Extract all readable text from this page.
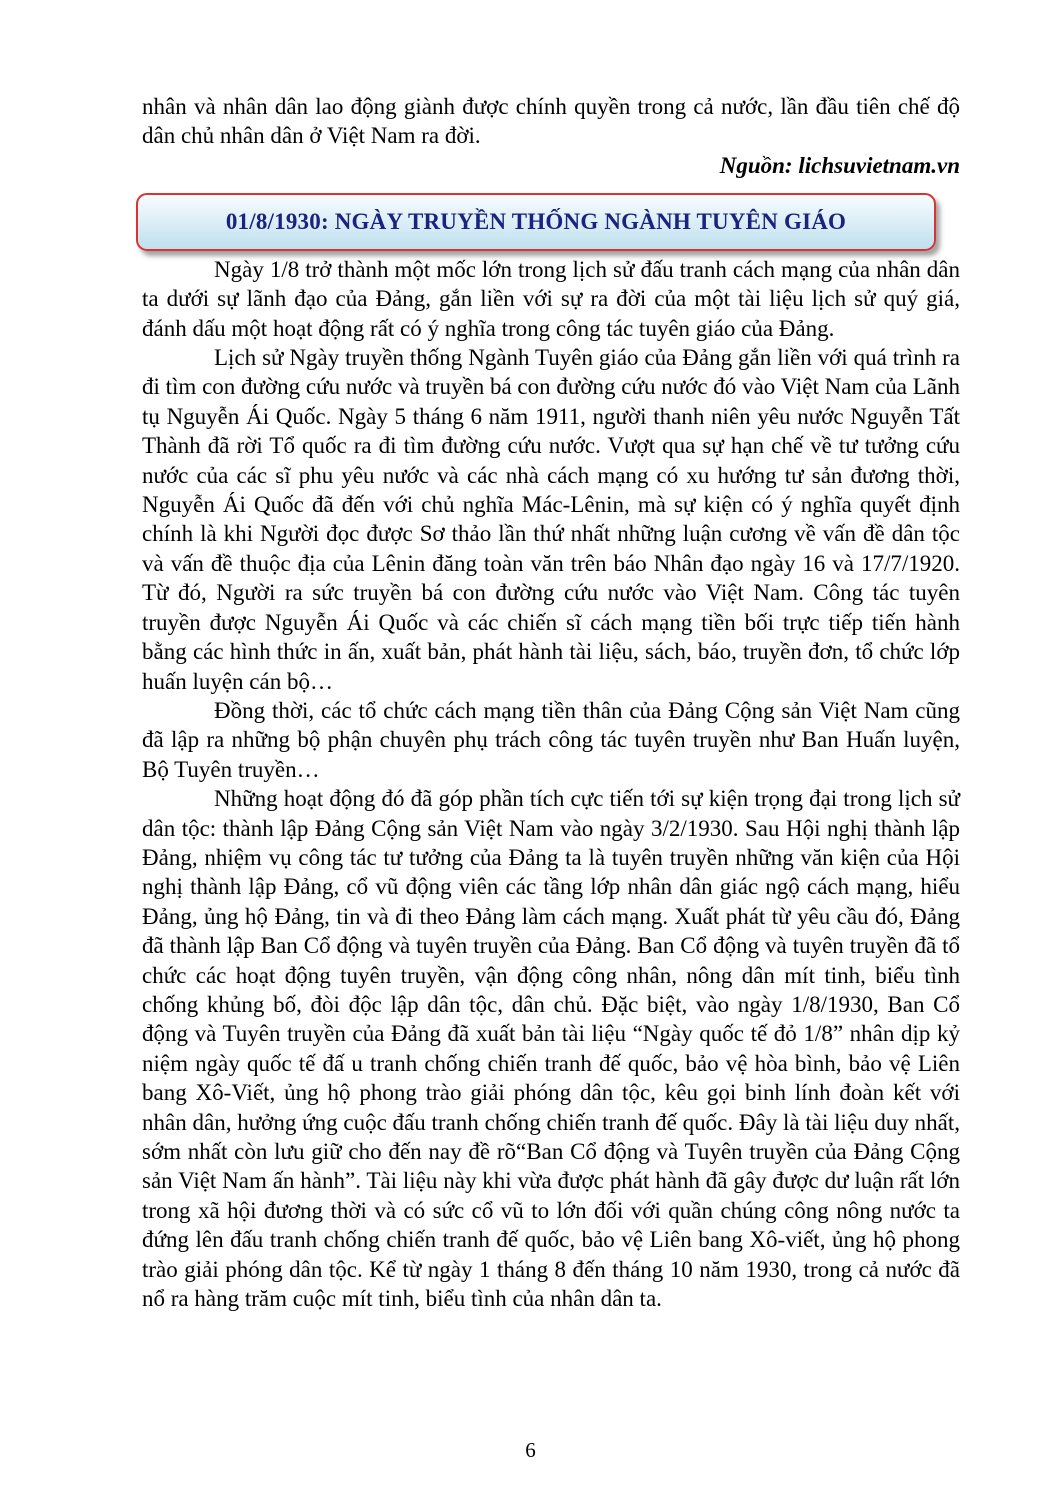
nhân và nhân dân lao động giành được chính quyền trong cả nước, lần đầu tiên chế độ dân chủ nhân dân ở Việt Nam ra đời.

Nguồn: lichsuvietnam.vn

01/8/1930: NGÀY TRUYỀN THỐNG NGÀNH TUYÊN GIÁO

Ngày 1/8 trở thành một mốc lớn trong lịch sử đấu tranh cách mạng của nhân dân ta dưới sự lãnh đạo của Đảng, gắn liền với sự ra đời của một tài liệu lịch sử quý giá, đánh dấu một hoạt động rất có ý nghĩa trong công tác tuyên giáo của Đảng.

Lịch sử Ngày truyền thống Ngành Tuyên giáo của Đảng gắn liền với quá trình ra đi tìm con đường cứu nước và truyền bá con đường cứu nước đó vào Việt Nam của Lãnh tụ Nguyễn Ái Quốc. Ngày 5 tháng 6 năm 1911, người thanh niên yêu nước Nguyễn Tất Thành đã rời Tổ quốc ra đi tìm đường cứu nước. Vượt qua sự hạn chế về tư tưởng cứu nước của các sĩ phu yêu nước và các nhà cách mạng có xu hướng tư sản đương thời, Nguyễn Ái Quốc đã đến với chủ nghĩa Mác-Lênin, mà sự kiện có ý nghĩa quyết định chính là khi Người đọc được Sơ thảo lần thứ nhất những luận cương về vấn đề dân tộc và vấn đề thuộc địa của Lênin đăng toàn văn trên báo Nhân đạo ngày 16 và 17/7/1920. Từ đó, Người ra sức truyền bá con đường cứu nước vào Việt Nam. Công tác tuyên truyền được Nguyễn Ái Quốc và các chiến sĩ cách mạng tiền bối trực tiếp tiến hành bằng các hình thức in ấn, xuất bản, phát hành tài liệu, sách, báo, truyền đơn, tổ chức lớp huấn luyện cán bộ…

Đồng thời, các tổ chức cách mạng tiền thân của Đảng Cộng sản Việt Nam cũng đã lập ra những bộ phận chuyên phụ trách công tác tuyên truyền như Ban Huấn luyện, Bộ Tuyên truyền…

Những hoạt động đó đã góp phần tích cực tiến tới sự kiện trọng đại trong lịch sử dân tộc: thành lập Đảng Cộng sản Việt Nam vào ngày 3/2/1930. Sau Hội nghị thành lập Đảng, nhiệm vụ công tác tư tưởng của Đảng ta là tuyên truyền những văn kiện của Hội nghị thành lập Đảng, cổ vũ động viên các tầng lớp nhân dân giác ngộ cách mạng, hiểu Đảng, ủng hộ Đảng, tin và đi theo Đảng làm cách mạng. Xuất phát từ yêu cầu đó, Đảng đã thành lập Ban Cổ động và tuyên truyền của Đảng. Ban Cổ động và tuyên truyền đã tổ chức các hoạt động tuyên truyền, vận động công nhân, nông dân mít tinh, biểu tình chống khủng bố, đòi độc lập dân tộc, dân chủ. Đặc biệt, vào ngày 1/8/1930, Ban Cổ động và Tuyên truyền của Đảng đã xuất bản tài liệu “Ngày quốc tế đỏ 1/8” nhân dịp kỷ niệm ngày quốc tế đấ u tranh chống chiến tranh đế quốc, bảo vệ hòa bình, bảo vệ Liên bang Xô-Viết, ủng hộ phong trào giải phóng dân tộc, kêu gọi binh lính đoàn kết với nhân dân, hưởng ứng cuộc đấu tranh chống chiến tranh đế quốc. Đây là tài liệu duy nhất, sớm nhất còn lưu giữ cho đến nay đề rõ“Ban Cổ động và Tuyên truyền của Đảng Cộng sản Việt Nam ấn hành”. Tài liệu này khi vừa được phát hành đã gây được dư luận rất lớn trong xã hội đương thời và có sức cổ vũ to lớn đối với quần chúng công nông nước ta đứng lên đấu tranh chống chiến tranh đế quốc, bảo vệ Liên bang Xô-viết, ủng hộ phong trào giải phóng dân tộc. Kể từ ngày 1 tháng 8 đến tháng 10 năm 1930, trong cả nước đã nổ ra hàng trăm cuộc mít tinh, biểu tình của nhân dân ta.

6
